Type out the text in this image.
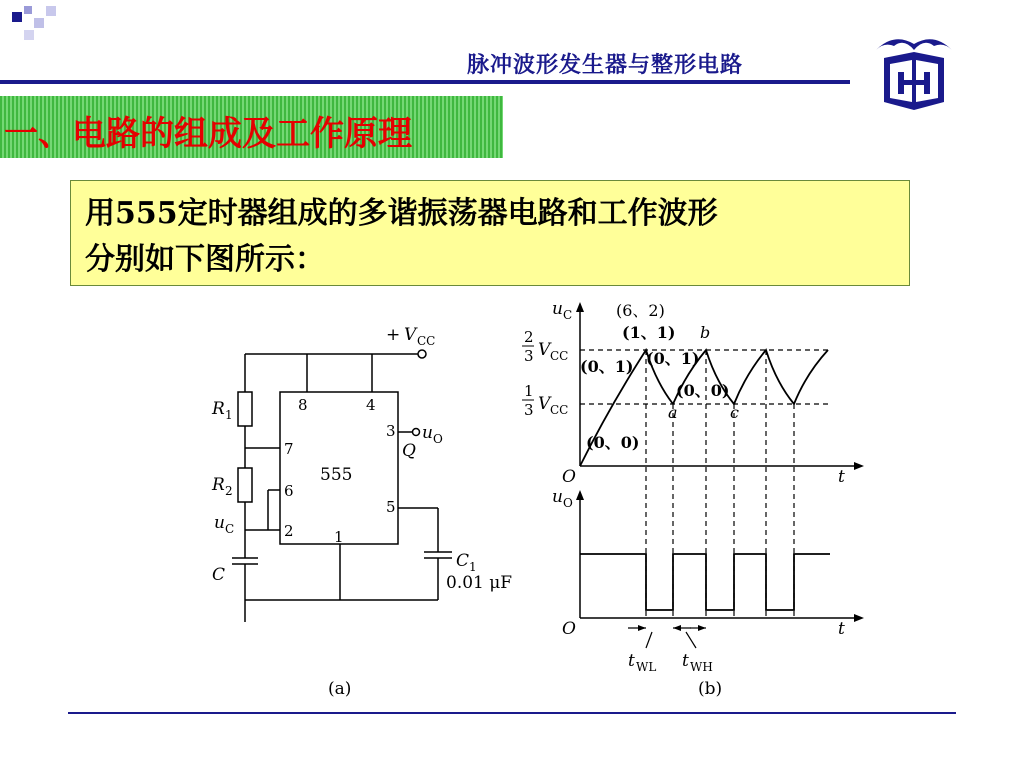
脉冲波形发生器与整形电路
一、电路的组成及工作原理
用555定时器组成的多谐振荡器电路和工作波形
分别如下图所示：
+ V CC
R 1
R 2
u C
C
555
8	4
3
7
6
2
5
1
Q
u O
C 1
0.01 μF
(a)
u C
u O
O
O
t
t
2
3 V CC
1
3 V CC
(6、2)
(1、1)
(0、1) (0、1)
(0、0)
(0、0)
a
b
c
t WL t WH
(b)
